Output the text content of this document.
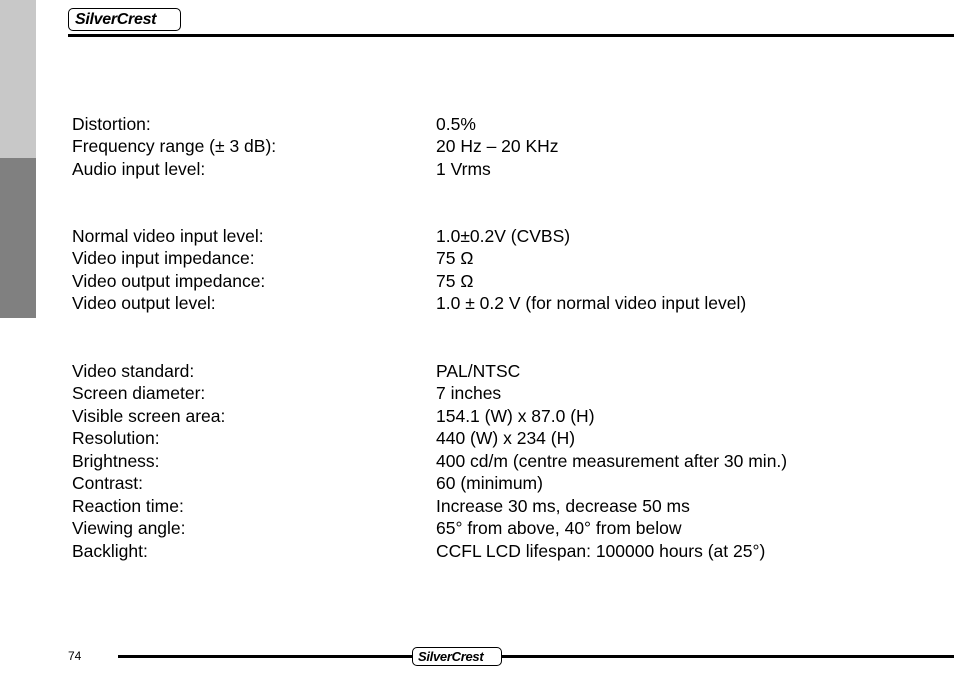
SilverCrest
Distortion:	0.5%
Frequency range (± 3 dB):	20 Hz – 20 KHz
Audio input level:	1 Vrms
Normal video input level:	1.0±0.2V (CVBS)
Video input impedance:	75 Ω
Video output impedance:	75 Ω
Video output level:	1.0 ± 0.2 V (for normal video input level)
Video standard:	PAL/NTSC
Screen diameter:	7 inches
Visible screen area:	154.1 (W) x 87.0 (H)
Resolution:	440 (W) x 234 (H)
Brightness:	400 cd/m (centre measurement after 30 min.)
Contrast:	60 (minimum)
Reaction time:	Increase 30 ms, decrease 50 ms
Viewing angle:	65° from above, 40° from below
Backlight:	CCFL LCD lifespan: 100000 hours (at 25°)
74	SilverCrest
